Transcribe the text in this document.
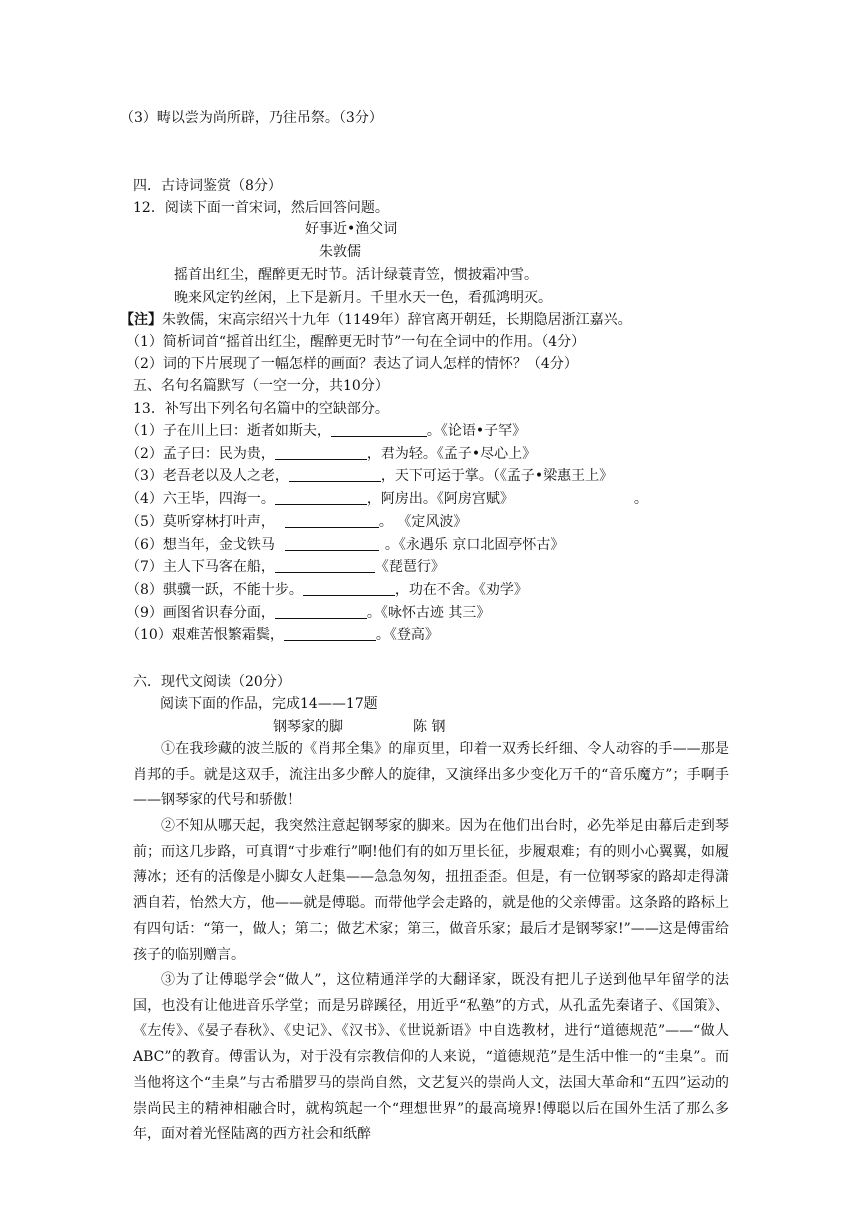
（3）畴以尝为尚所辟，乃往吊祭。（3分）
四．古诗词鉴赏（8分）
12．阅读下面一首宋词，然后回答问题。
好事近•渔父词
朱敦儒
摇首出红尘，醒醉更无时节。活计绿蓑青笠，惯披霜冲雪。
晚来风定钓丝闲，上下是新月。千里水天一色，看孤鸿明灭。
【注】朱敦儒，宋高宗绍兴十九年（1149年）辞官离开朝廷，长期隐居浙江嘉兴。
（1）简析词首“摇首出红尘，醒醉更无时节”一句在全词中的作用。（4分）
（2）词的下片展现了一幅怎样的画面？表达了词人怎样的情怀？（4分）
五、名句名篇默写（一空一分，共10分）
13．补写出下列名句名篇中的空缺部分。
（1）子在川上曰：逝者如斯夫，	。《论语•子罕》
（2）孟子曰：民为贵，	，君为轻。《孟子•尽心上》
（3）老吾老以及人之老，	，天下可运于掌。（《孟子•梁惠王上》
（4）六王毕，四海一。	，阿房出。《阿房宫赋》	。
（5）莫听穿林打叶声，	。 《定风波》
（6）想当年，金戈铁马	。《永遇乐 京口北固亭怀古》
（7）主人下马客在船，	《琵琶行》
（8）骐骥一跃，不能十步。	，功在不舍。《劝学》
（9）画图省识春分面，	。《咏怀古迹 其三》
（10）艰难苦恨繁霜鬓，	。《登高》
六．现代文阅读（20分）
阅读下面的作品，完成14——17题
钢琴家的脚	陈 钢
①在我珍藏的波兰版的《肖邦全集》的扉页里，印着一双秀长纤细、令人动容的手——那是肖邦的手。就是这双手，流注出多少醉人的旋律，又演绎出多少变化万千的“音乐魔方”；手啊手——钢琴家的代号和骄傲！
②不知从哪天起，我突然注意起钢琴家的脚来。因为在他们出台时，必先举足由幕后走到琴前；而这几步路，可真谓“寸步难行”啊!他们有的如万里长征，步履艰难；有的则小心翼翼，如履薄冰；还有的活像是小脚女人赶集——急急匆匆，扭扭歪歪。但是，有一位钢琴家的路却走得潇洒自若，怡然大方，他——就是傅聪。而带他学会走路的，就是他的父亲傅雷。这条路的路标上有四句话：“第一，做人；第二；做艺术家；第三，做音乐家；最后才是钢琴家!”——这是傅雷给孩子的临别赠言。
③为了让傅聪学会“做人”，这位精通洋学的大翻译家，既没有把儿子送到他早年留学的法国，也没有让他进音乐学堂；而是另辟蹊径，用近乎“私塾”的方式，从孔孟先秦诸子、《国策》、《左传》、《晏子春秋》、《史记》、《汉书》、《世说新语》中自选教材，进行“道德规范”——“做人ABC”的教育。傅雷认为，对于没有宗教信仰的人来说，“道德规范”是生活中惟一的“圭臬”。而当他将这个“圭臬”与古希腊罗马的崇尚自然，文艺复兴的崇尚人文，法国大革命和“五四”运动的崇尚民主的精神相融合时，就构筑起一个“理想世界”的最高境界!傅聪以后在国外生活了那么多年，面对着光怪陆离的西方社会和纸醉
